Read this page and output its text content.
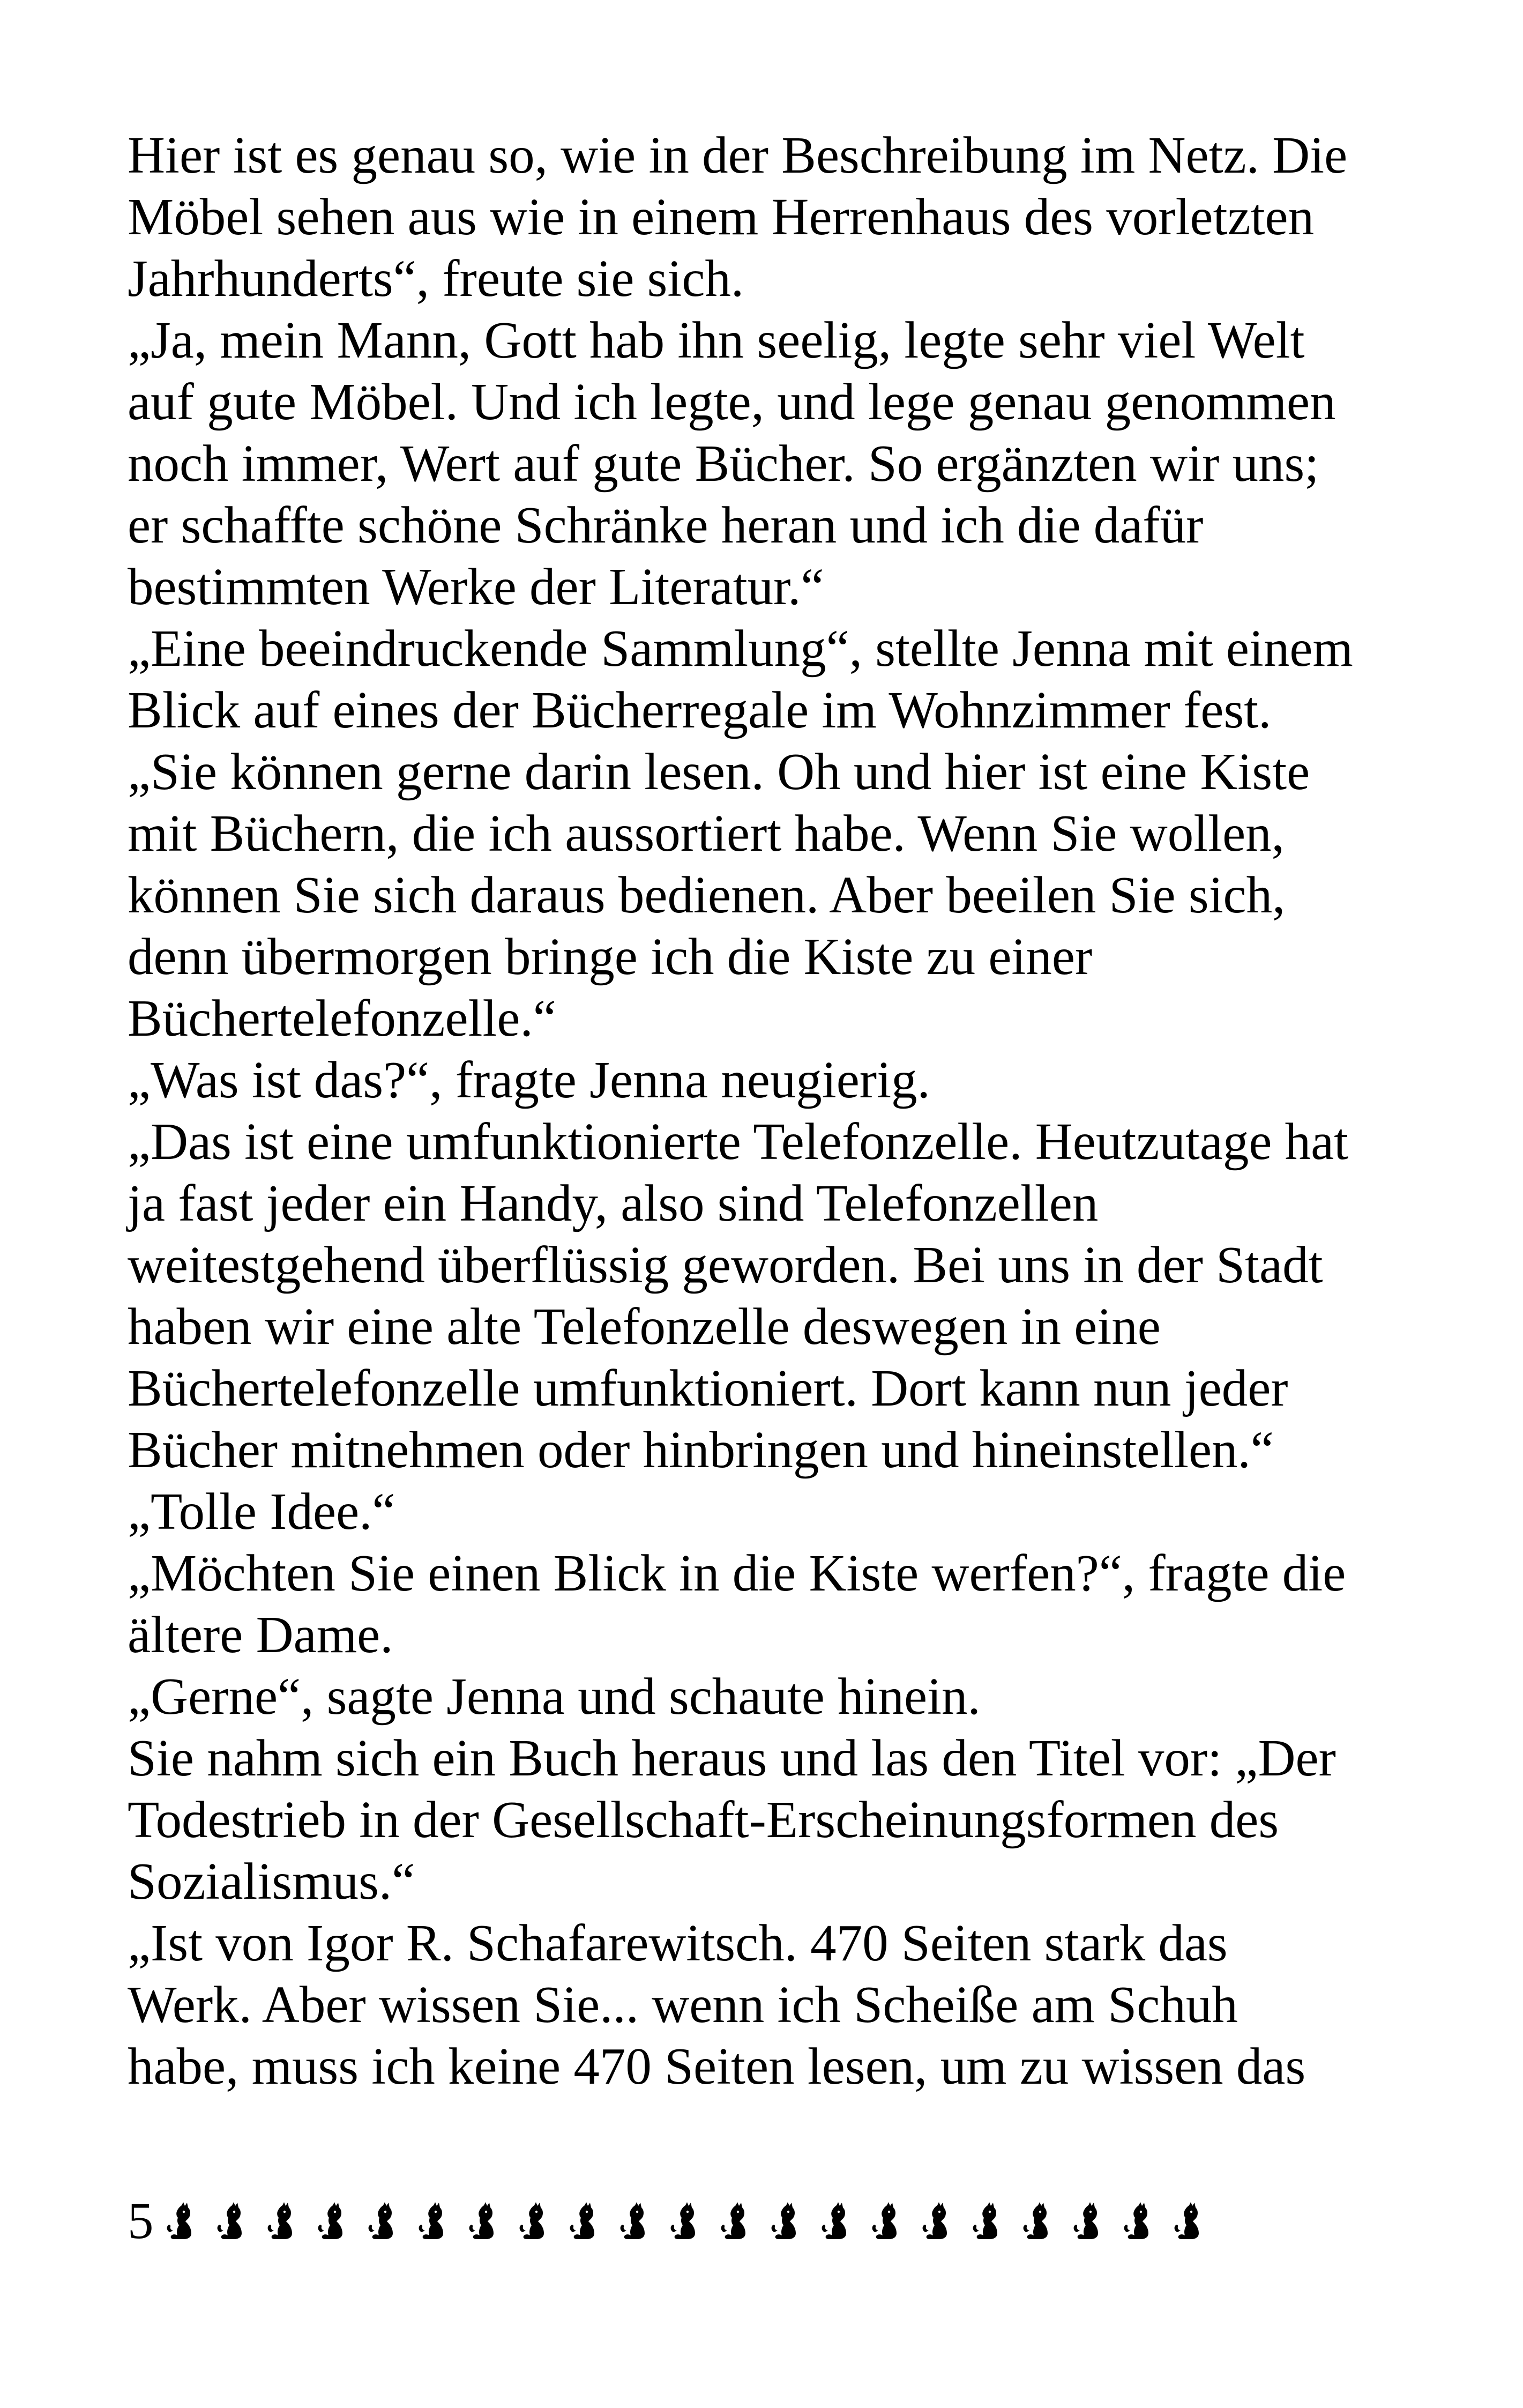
Hier ist es genau so, wie in der Beschreibung im Netz. Die
Möbel sehen aus wie in einem Herrenhaus des vorletzten
Jahrhunderts“, freute sie sich.
„Ja, mein Mann, Gott hab ihn seelig, legte sehr viel Welt
auf gute Möbel. Und ich legte, und lege genau genommen
noch immer, Wert auf gute Bücher. So ergänzten wir uns;
er schaffte schöne Schränke heran und ich die dafür
bestimmten Werke der Literatur.“
„Eine beeindruckende Sammlung“, stellte Jenna mit einem
Blick auf eines der Bücherregale im Wohnzimmer fest.
„Sie können gerne darin lesen. Oh und hier ist eine Kiste
mit Büchern, die ich aussortiert habe. Wenn Sie wollen,
können Sie sich daraus bedienen. Aber beeilen Sie sich,
denn übermorgen bringe ich die Kiste zu einer
Büchertelefonzelle.“
„Was ist das?“, fragte Jenna neugierig.
„Das ist eine umfunktionierte Telefonzelle. Heutzutage hat
ja fast jeder ein Handy, also sind Telefonzellen
weitestgehend überflüssig geworden. Bei uns in der Stadt
haben wir eine alte Telefonzelle deswegen in eine
Büchertelefonzelle umfunktioniert. Dort kann nun jeder
Bücher mitnehmen oder hinbringen und hineinstellen.“
„Tolle Idee.“
„Möchten Sie einen Blick in die Kiste werfen?“, fragte die
ältere Dame.
„Gerne“, sagte Jenna und schaute hinein.
Sie nahm sich ein Buch heraus und las den Titel vor: „Der
Todestrieb in der Gesellschaft-Erscheinungsformen des
Sozialismus.“
„Ist von Igor R. Schafarewitsch. 470 Seiten stark das
Werk. Aber wissen Sie... wenn ich Scheiße am Schuh
habe, muss ich keine 470 Seiten lesen, um zu wissen das
5
